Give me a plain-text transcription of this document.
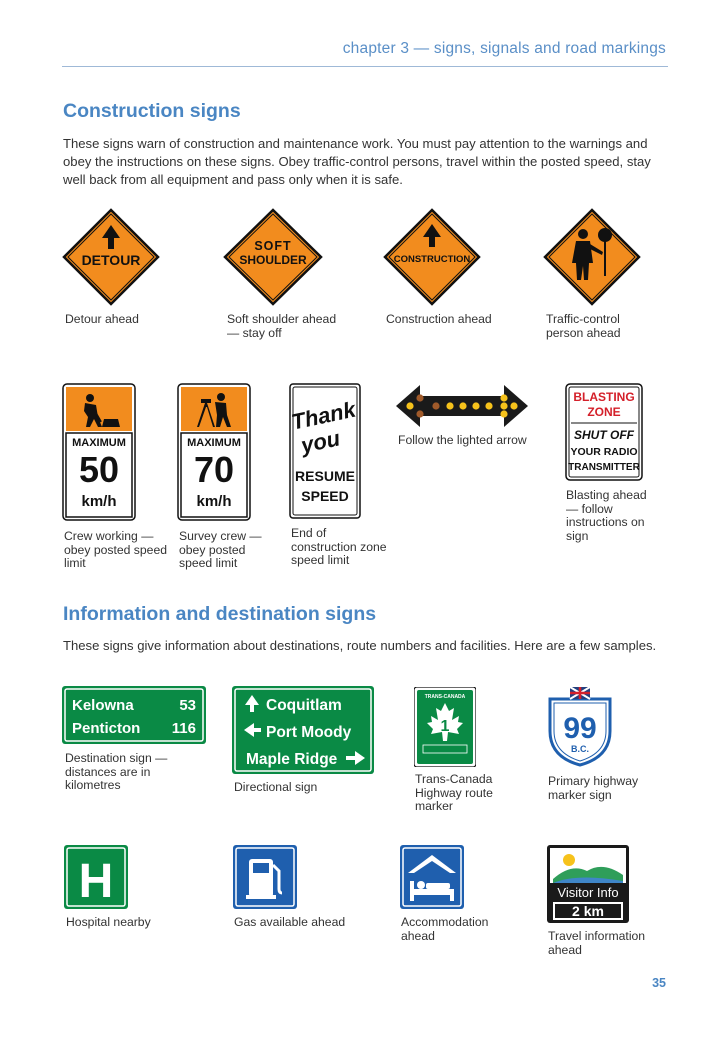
chapter 3 — signs, signals and road markings
Construction signs
These signs warn of construction and maintenance work. You must pay attention to the warnings and obey the instructions on these signs. Obey traffic-control persons, travel within the posted speed, stay well back from all equipment and pass only when it is safe.
DETOUR
Detour ahead
SOFT
SHOULDER
Soft shoulder ahead — stay off
CONSTRUCTION
Construction ahead	Traffic-control person ahead
MAXIMUM
50
km/h
Crew working — obey posted speed limit
MAXIMUM
70
km/h
Survey crew — obey posted speed limit
Thank
you
RESUME
SPEED
End of construction zone speed limit
Follow the lighted arrow
BLASTING
ZONE
SHUT OFF
YOUR RADIO
TRANSMITTER
Blasting ahead — follow instructions on sign
Information and destination signs
These signs give information about destinations, route numbers and facilities. Here are a few samples.
Kelowna	53
Penticton 116
Destination sign — distances are in kilometres
Coquitlam
Port Moody
Maple Ridge
Directional sign
TRANS-CANADA
1
Trans-Canada Highway route marker
99
B.C.
Primary highway marker sign
H
Hospital nearby	Gas available ahead	Accommodation ahead
Visitor Info
2 km
Travel information ahead
35
